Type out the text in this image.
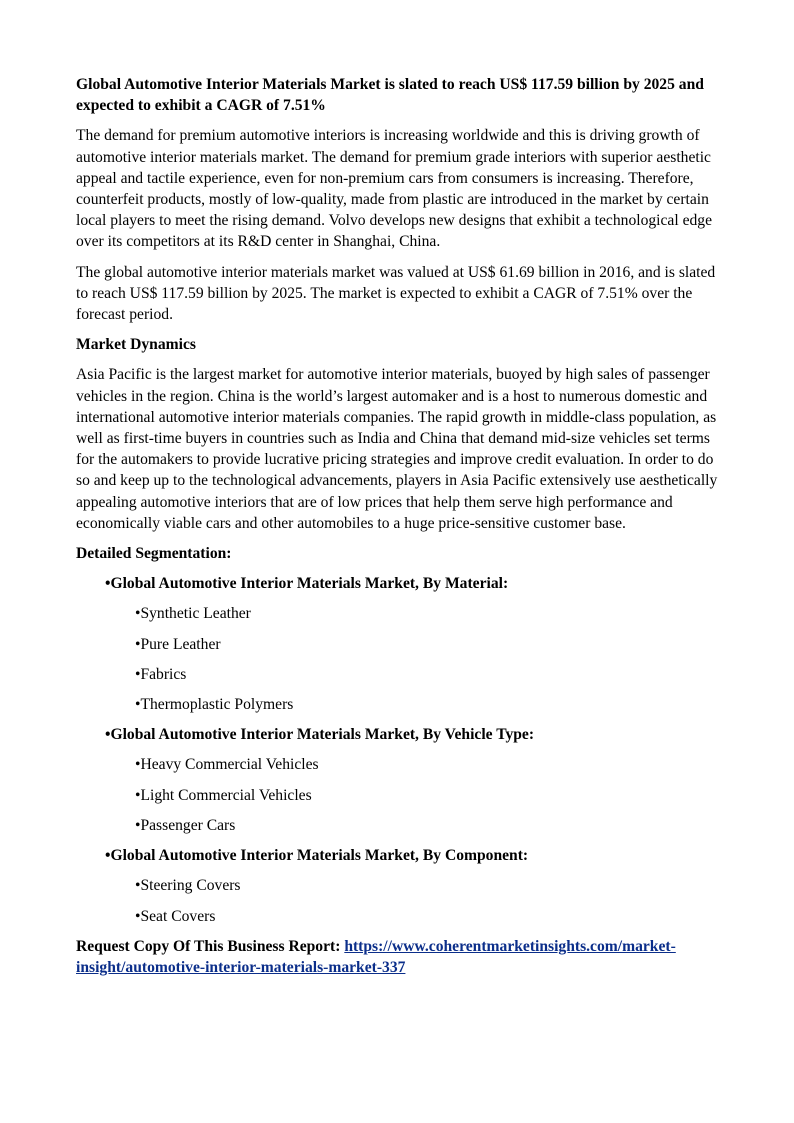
Global Automotive Interior Materials Market is slated to reach US$ 117.59 billion by 2025 and expected to exhibit a CAGR of 7.51%

The demand for premium automotive interiors is increasing worldwide and this is driving growth of automotive interior materials market. The demand for premium grade interiors with superior aesthetic appeal and tactile experience, even for non-premium cars from consumers is increasing. Therefore, counterfeit products, mostly of low-quality, made from plastic are introduced in the market by certain local players to meet the rising demand. Volvo develops new designs that exhibit a technological edge over its competitors at its R&D center in Shanghai, China.

The global automotive interior materials market was valued at US$ 61.69 billion in 2016, and is slated to reach US$ 117.59 billion by 2025. The market is expected to exhibit a CAGR of 7.51% over the forecast period.

Market Dynamics

Asia Pacific is the largest market for automotive interior materials, buoyed by high sales of passenger vehicles in the region. China is the world’s largest automaker and is a host to numerous domestic and international automotive interior materials companies. The rapid growth in middle-class population, as well as first-time buyers in countries such as India and China that demand mid-size vehicles set terms for the automakers to provide lucrative pricing strategies and improve credit evaluation. In order to do so and keep up to the technological advancements, players in Asia Pacific extensively use aesthetically appealing automotive interiors that are of low prices that help them serve high performance and economically viable cars and other automobiles to a huge price-sensitive customer base.

Detailed Segmentation:

•Global Automotive Interior Materials Market, By Material:

•Synthetic Leather

•Pure Leather

•Fabrics

•Thermoplastic Polymers

•Global Automotive Interior Materials Market, By Vehicle Type:

•Heavy Commercial Vehicles

•Light Commercial Vehicles

•Passenger Cars

•Global Automotive Interior Materials Market, By Component:

•Steering Covers

•Seat Covers

Request Copy Of This Business Report: https://www.coherentmarketinsights.com/market-insight/automotive-interior-materials-market-337
